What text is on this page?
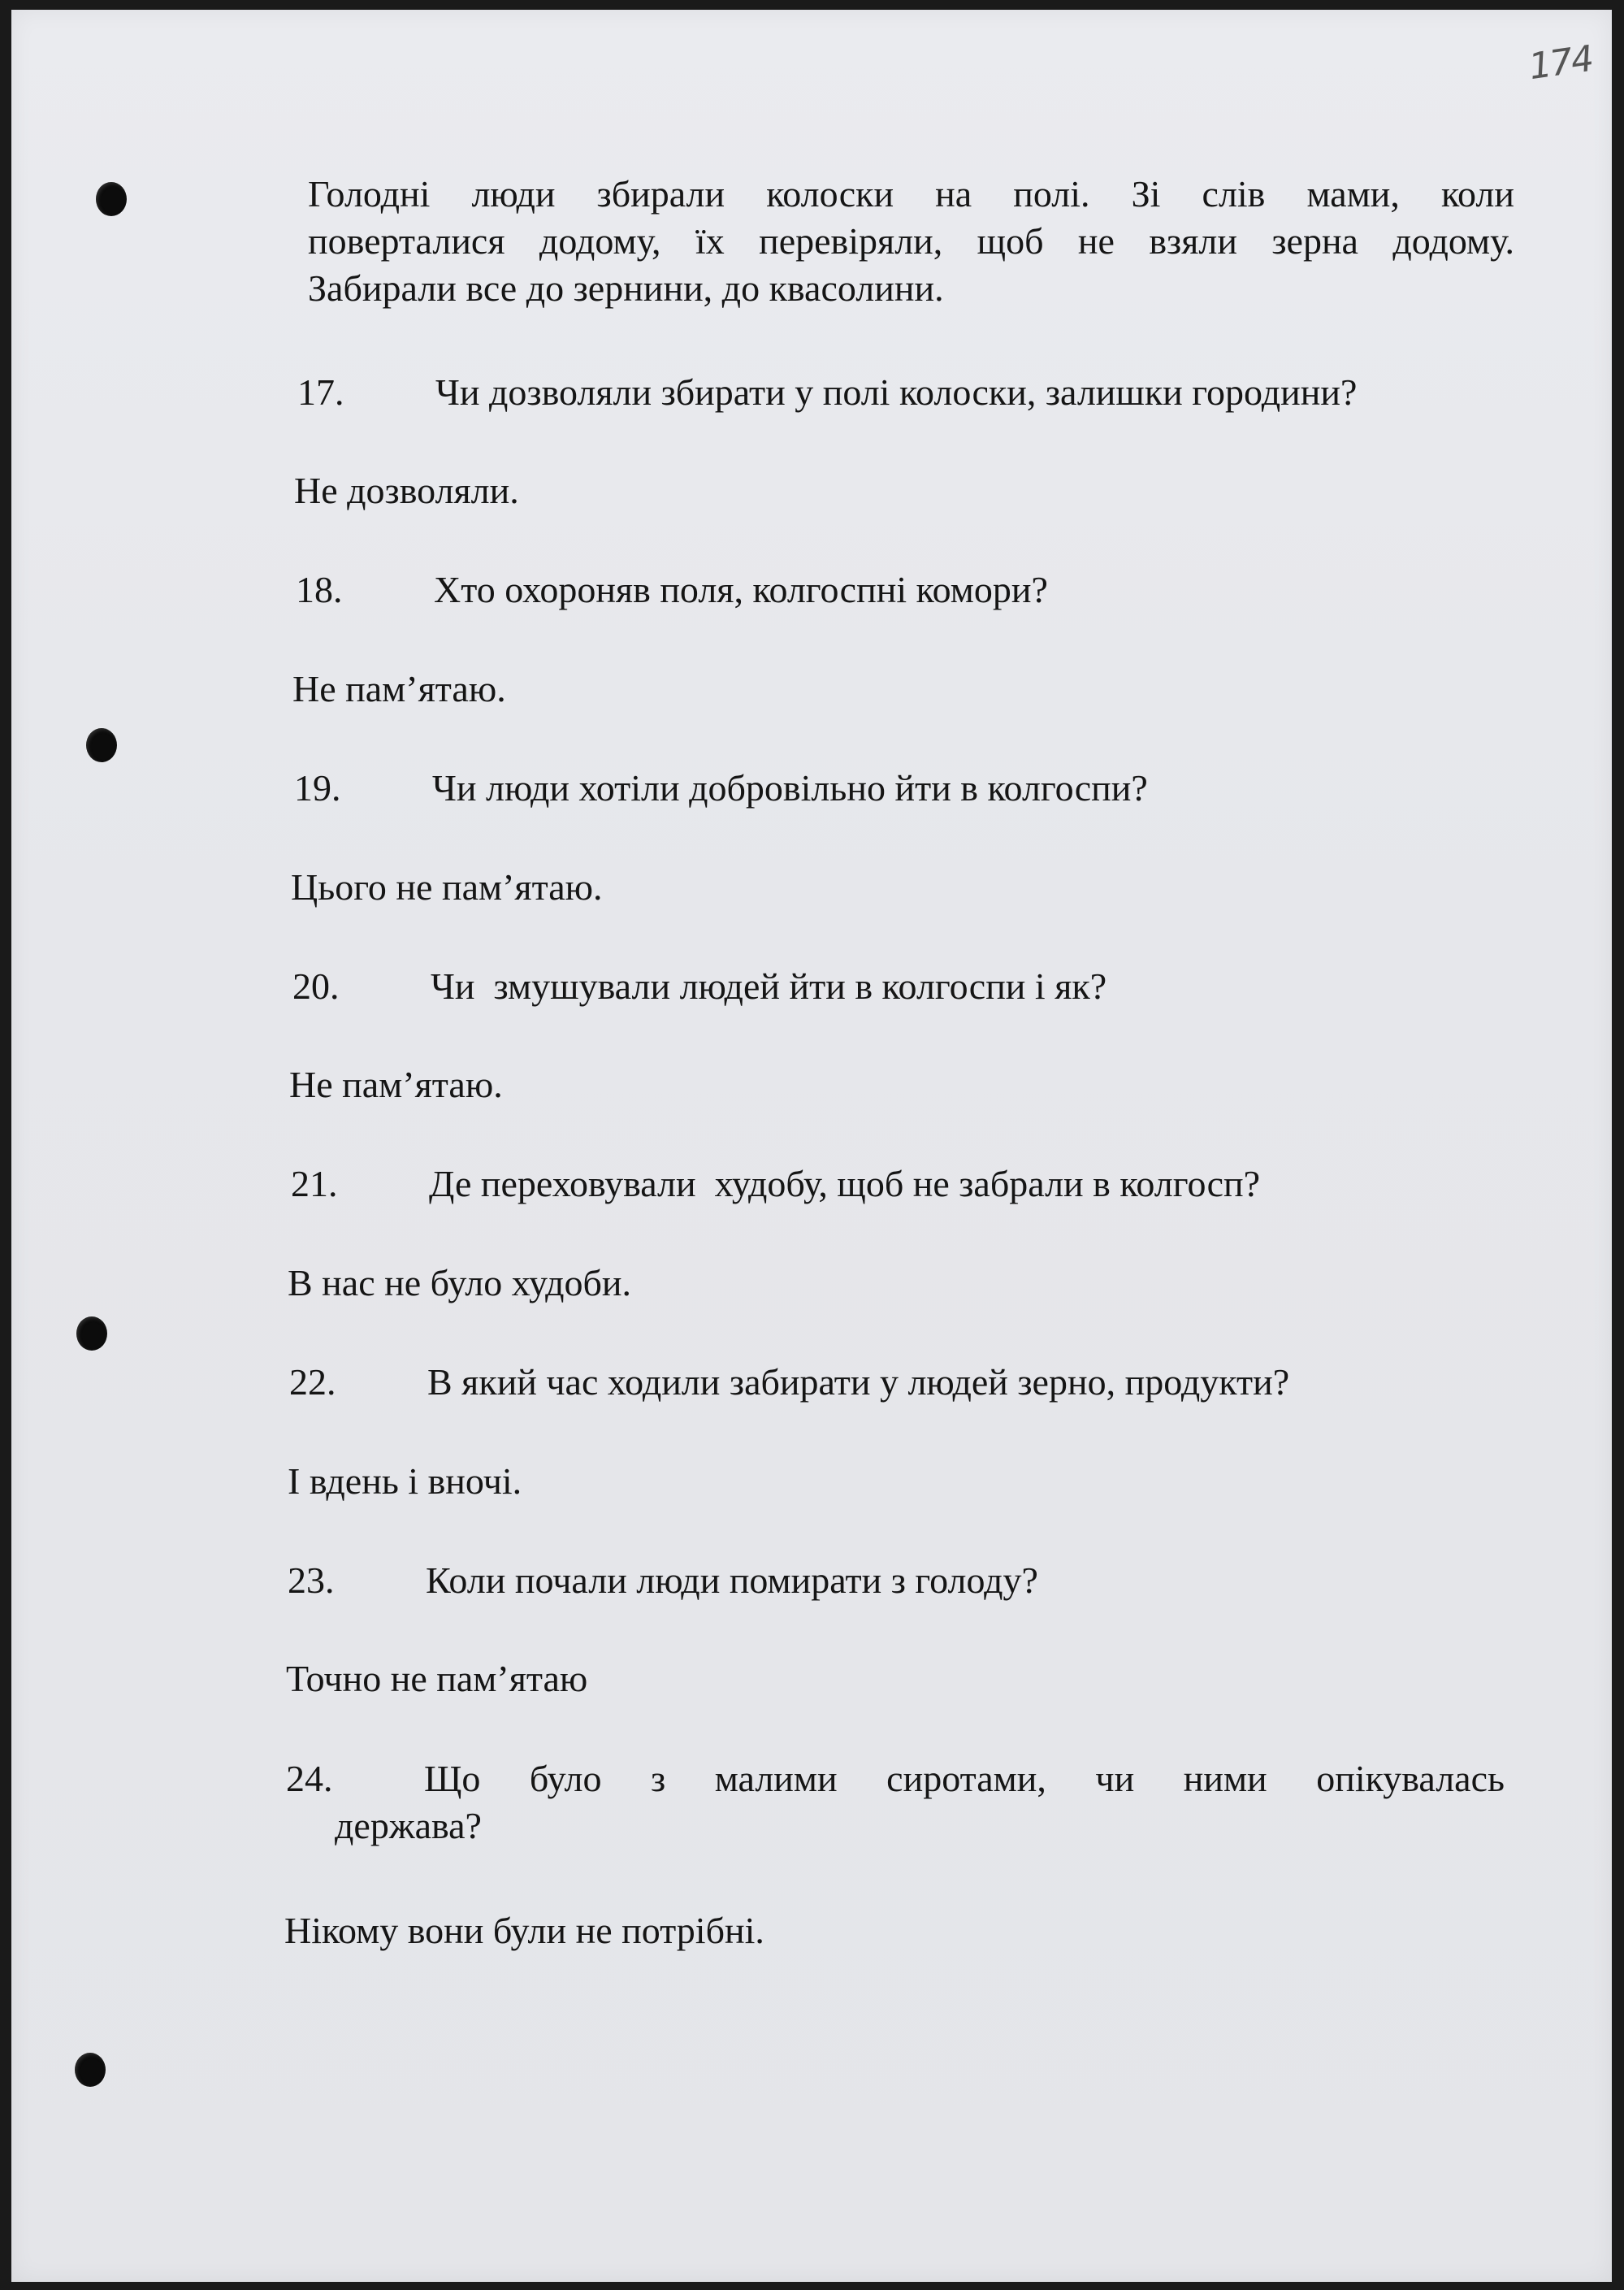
174
Голодні люди збирали колоски на полі. Зі слів мами, коли
поверталися додому, їх перевіряли, щоб не взяли зерна додому.
Забирали все до зернини, до квасолини.
17. Чи дозволяли збирати у полі колоски, залишки городини?
Не дозволяли.
18. Хто охороняв поля, колгоспні комори?
Не пам’ятаю.
19. Чи люди хотіли добровільно йти в колгоспи?
Цього не пам’ятаю.
20. Чи  змушували людей йти в колгоспи і як?
Не пам’ятаю.
21. Де переховували  худобу, щоб не забрали в колгосп?
В нас не було худоби.
22. В який час ходили забирати у людей зерно, продукти?
І вдень і вночі.
23. Коли почали люди помирати з голоду?
Точно не пам’ятаю
24. Що було з малими сиротами, чи ними опікувалась
держава?
Нікому вони були не потрібні.
